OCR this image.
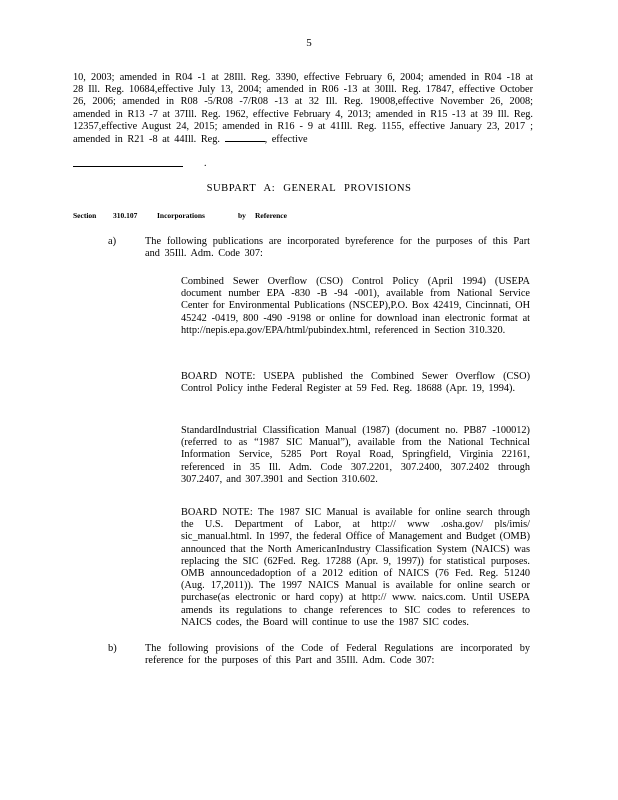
5

10, 2003; amended in R04 -1 at 28Ill. Reg. 3390, effective February 6, 2004; amended in R04 -18 at 28 Ill. Reg. 10684,effective July 13, 2004; amended in R06 -13 at 30Ill. Reg. 17847, effective October 26, 2006; amended in R08 -5/R08 -7/R08 -13 at 32 Ill. Reg. 19008,effective November 26, 2008; amended in R13 -7 at 37Ill. Reg. 1962, effective February 4, 2013; amended in R15 -13 at 39 Ill. Reg. 12357,effective August 24, 2015; amended in R16 - 9 at 41Ill. Reg. 1155, effective January 23, 2017 ; amended in R21 -8 at 44Ill. Reg.	, effective

.
SUBPART A: GENERAL PROVISIONS
Section 310.107	Incorporations	by Reference
a)	The following publications are incorporated byreference for the purposes of this Part and 35Ill. Adm. Code 307:

Combined Sewer Overflow (CSO) Control Policy (April 1994) (USEPA document number EPA -830 -B -94 -001), available from National Service Center for Environmental Publications (NSCEP),P.O. Box 42419, Cincinnati, OH 45242 -0419, 800 -490 -9198 or online for download inan electronic format at http://nepis.epa.gov/EPA/html/pubindex.html, referenced in Section 310.320.

BOARD NOTE: USEPA published the Combined Sewer Overflow (CSO) Control Policy inthe Federal Register at 59 Fed. Reg. 18688 (Apr. 19, 1994).

StandardIndustrial Classification Manual (1987) (document no. PB87 -100012) (referred to as “1987 SIC Manual”), available from the National Technical Information Service, 5285 Port Royal Road, Springfield, Virginia 22161, referenced in 35 Ill. Adm. Code 307.2201, 307.2400, 307.2402 through 307.2407, and 307.3901 and Section 310.602.

BOARD NOTE: The 1987 SIC Manual is available for online search through the U.S. Department of Labor, at http:// www .osha.gov/ pls/imis/ sic_manual.html. In 1997, the federal Office of Management and Budget (OMB) announced that the North AmericanIndustry Classification System (NAICS) was replacing the SIC (62Fed. Reg. 17288 (Apr. 9, 1997)) for statistical purposes. OMB announcedadoption of a 2012 edition of NAICS (76 Fed. Reg. 51240 (Aug. 17,2011)). The 1997 NAICS Manual is available for online search or purchase(as electronic or hard copy) at http:// www. naics.com. Until USEPA amends its regulations to change references to SIC codes to references to NAICS codes, the Board will continue to use the 1987 SIC codes.

b)	The following provisions of the Code of Federal Regulations are incorporated by reference for the purposes of this Part and 35Ill. Adm. Code 307:
